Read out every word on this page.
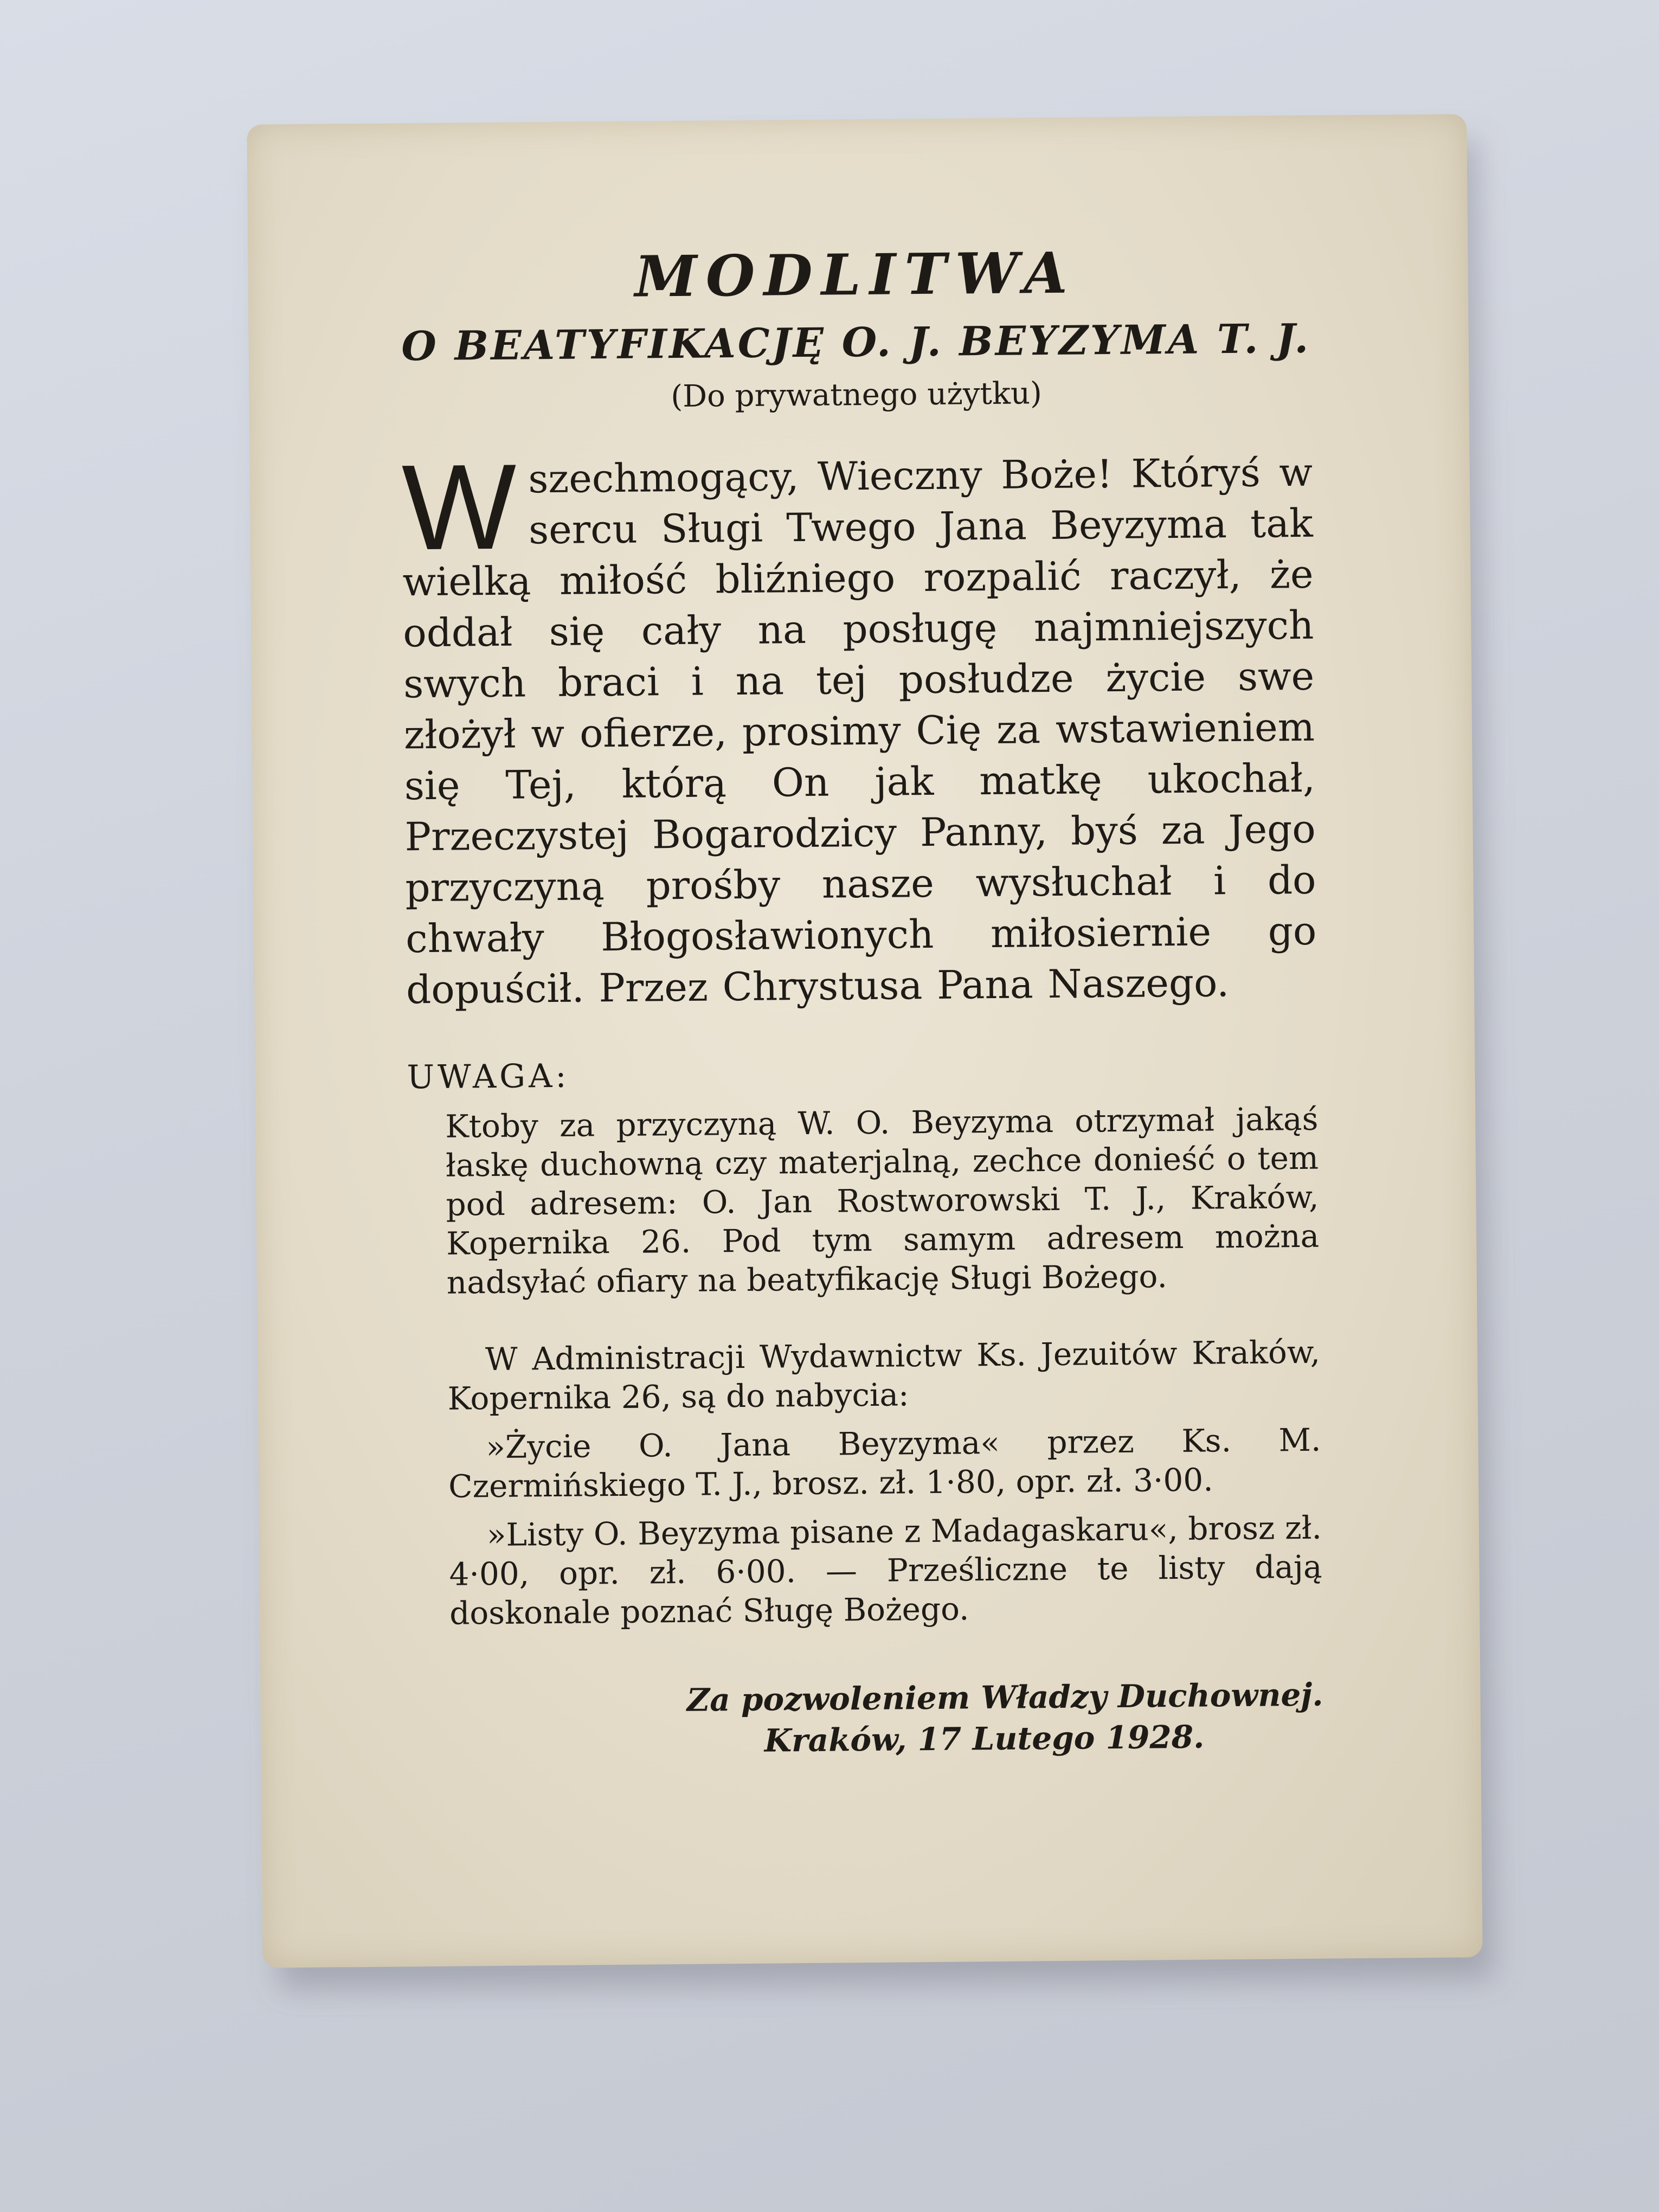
MODLITWA
O BEATYFIKACJĘ O. J. BEYZYMA T. J.
(Do prywatnego użytku)
W szechmogący, Wieczny Boże! Któryś w sercu Sługi Twego Jana Beyzyma tak wielką miłość bliźniego rozpalić raczył, że oddał się cały na posługę najmniejszych swych braci i na tej posłudze życie swe złożył w ofierze, prosimy Cię za wstawieniem się Tej, którą On jak matkę ukochał, Przeczystej Bogarodzicy Panny, byś za Jego przyczyną prośby nasze wysłuchał i do chwały Błogosławionych miłosiernie go dopuścił. Przez Chrystusa Pana Naszego.
UWAGA:
Ktoby za przyczyną W. O. Beyzyma otrzymał jakąś łaskę duchowną czy materjalną, zechce donieść o tem pod adresem: O. Jan Rostworowski T. J., Kraków, Kopernika 26. Pod tym samym adresem można nadsyłać ofiary na beatyfikację Sługi Bożego.
W Administracji Wydawnictw Ks. Jezuitów Kraków, Kopernika 26, są do nabycia:
»Życie O. Jana Beyzyma« przez Ks. M. Czermińskiego T. J., brosz. zł. 1·80, opr. zł. 3·00.
»Listy O. Beyzyma pisane z Madagaskaru«, brosz zł. 4·00, opr. zł. 6·00. — Prześliczne te listy dają doskonale poznać Sługę Bożego.
Za pozwoleniem Władzy Duchownej.
Kraków, 17 Lutego 1928.
